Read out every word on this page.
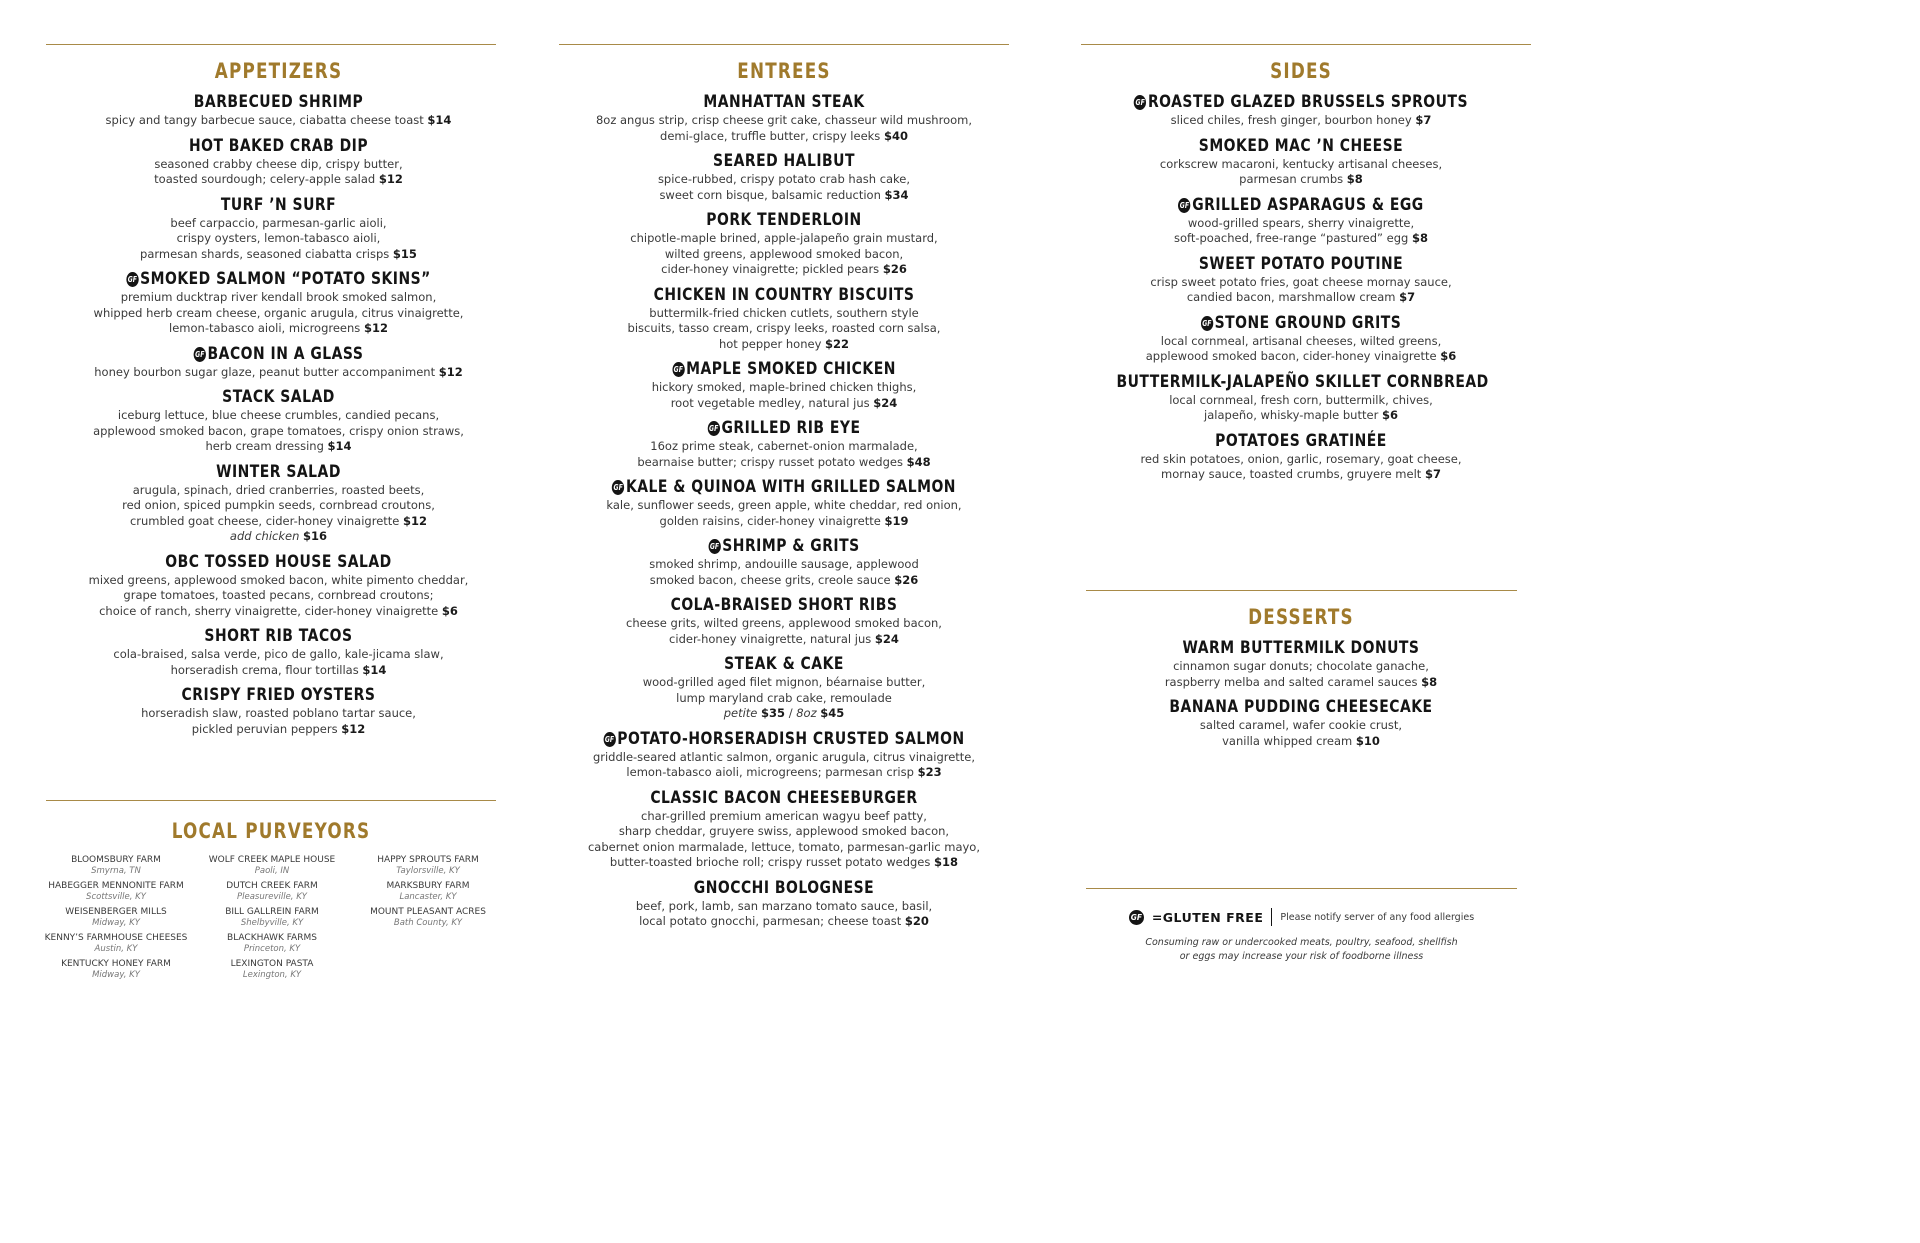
APPETIZERS
BARBECUED SHRIMP
spicy and tangy barbecue sauce, ciabatta cheese toast $14
HOT BAKED CRAB DIP
seasoned crabby cheese dip, crispy butter,
toasted sourdough; celery-apple salad $12
TURF ’N SURF
beef carpaccio, parmesan-garlic aioli,
crispy oysters, lemon-tabasco aioli,
parmesan shards, seasoned ciabatta crisps $15
GF SMOKED SALMON “POTATO SKINS”
premium ducktrap river kendall brook smoked salmon,
whipped herb cream cheese, organic arugula, citrus vinaigrette,
lemon-tabasco aioli, microgreens $12
GF BACON IN A GLASS
honey bourbon sugar glaze, peanut butter accompaniment $12
STACK SALAD
iceburg lettuce, blue cheese crumbles, candied pecans,
applewood smoked bacon, grape tomatoes, crispy onion straws,
herb cream dressing $14
WINTER SALAD
arugula, spinach, dried cranberries, roasted beets,
red onion, spiced pumpkin seeds, cornbread croutons,
crumbled goat cheese, cider-honey vinaigrette $12
add chicken $16
OBC TOSSED HOUSE SALAD
mixed greens, applewood smoked bacon, white pimento cheddar,
grape tomatoes, toasted pecans, cornbread croutons;
choice of ranch, sherry vinaigrette, cider-honey vinaigrette $6
SHORT RIB TACOS
cola-braised, salsa verde, pico de gallo, kale-jicama slaw,
horseradish crema, flour tortillas $14
CRISPY FRIED OYSTERS
horseradish slaw, roasted poblano tartar sauce,
pickled peruvian peppers $12
LOCAL PURVEYORS
BLOOMSBURY FARM
Smyrna, TN
WOLF CREEK MAPLE HOUSE
Paoli, IN
HAPPY SPROUTS FARM
Taylorsville, KY
HABEGGER MENNONITE FARM
Scottsville, KY
DUTCH CREEK FARM
Pleasureville, KY
MARKSBURY FARM
Lancaster, KY
WEISENBERGER MILLS
Midway, KY
BILL GALLREIN FARM
Shelbyville, KY
MOUNT PLEASANT ACRES
Bath County, KY
KENNY’S FARMHOUSE CHEESES
Austin, KY
BLACKHAWK FARMS
Princeton, KY
KENTUCKY HONEY FARM
Midway, KY
LEXINGTON PASTA
Lexington, KY
ENTREES
MANHATTAN STEAK
8oz angus strip, crisp cheese grit cake, chasseur wild mushroom,
demi-glace, truffle butter, crispy leeks $40
SEARED HALIBUT
spice-rubbed, crispy potato crab hash cake,
sweet corn bisque, balsamic reduction $34
PORK TENDERLOIN
chipotle-maple brined, apple-jalapeño grain mustard,
wilted greens, applewood smoked bacon,
cider-honey vinaigrette; pickled pears $26
CHICKEN IN COUNTRY BISCUITS
buttermilk-fried chicken cutlets, southern style
biscuits, tasso cream, crispy leeks, roasted corn salsa,
hot pepper honey $22
GF MAPLE SMOKED CHICKEN
hickory smoked, maple-brined chicken thighs,
root vegetable medley, natural jus $24
GF GRILLED RIB EYE
16oz prime steak, cabernet-onion marmalade,
bearnaise butter; crispy russet potato wedges $48
GF KALE & QUINOA WITH GRILLED SALMON
kale, sunflower seeds, green apple, white cheddar, red onion,
golden raisins, cider-honey vinaigrette $19
GF SHRIMP & GRITS
smoked shrimp, andouille sausage, applewood
smoked bacon, cheese grits, creole sauce $26
COLA-BRAISED SHORT RIBS
cheese grits, wilted greens, applewood smoked bacon,
cider-honey vinaigrette, natural jus $24
STEAK & CAKE
wood-grilled aged filet mignon, béarnaise butter,
lump maryland crab cake, remoulade
petite $35 / 8oz $45
GF POTATO-HORSERADISH CRUSTED SALMON
griddle-seared atlantic salmon, organic arugula, citrus vinaigrette,
lemon-tabasco aioli, microgreens; parmesan crisp $23
CLASSIC BACON CHEESEBURGER
char-grilled premium american wagyu beef patty,
sharp cheddar, gruyere swiss, applewood smoked bacon,
cabernet onion marmalade, lettuce, tomato, parmesan-garlic mayo,
butter-toasted brioche roll; crispy russet potato wedges $18
GNOCCHI BOLOGNESE
beef, pork, lamb, san marzano tomato sauce, basil,
local potato gnocchi, parmesan; cheese toast $20
SIDES
GF ROASTED GLAZED BRUSSELS SPROUTS
sliced chiles, fresh ginger, bourbon honey $7
SMOKED MAC ’N CHEESE
corkscrew macaroni, kentucky artisanal cheeses,
parmesan crumbs $8
GF GRILLED ASPARAGUS & EGG
wood-grilled spears, sherry vinaigrette,
soft-poached, free-range “pastured” egg $8
SWEET POTATO POUTINE
crisp sweet potato fries, goat cheese mornay sauce,
candied bacon, marshmallow cream $7
GF STONE GROUND GRITS
local cornmeal, artisanal cheeses, wilted greens,
applewood smoked bacon, cider-honey vinaigrette $6
BUTTERMILK-JALAPEÑO SKILLET CORNBREAD
local cornmeal, fresh corn, buttermilk, chives,
jalapeño, whisky-maple butter $6
POTATOES GRATINÉE
red skin potatoes, onion, garlic, rosemary, goat cheese,
mornay sauce, toasted crumbs, gruyere melt $7
DESSERTS
WARM BUTTERMILK DONUTS
cinnamon sugar donuts; chocolate ganache,
raspberry melba and salted caramel sauces $8
BANANA PUDDING CHEESECAKE
salted caramel, wafer cookie crust,
vanilla whipped cream $10
GF =GLUTEN FREE Please notify server of any food allergies
Consuming raw or undercooked meats, poultry, seafood, shellfish
or eggs may increase your risk of foodborne illness
